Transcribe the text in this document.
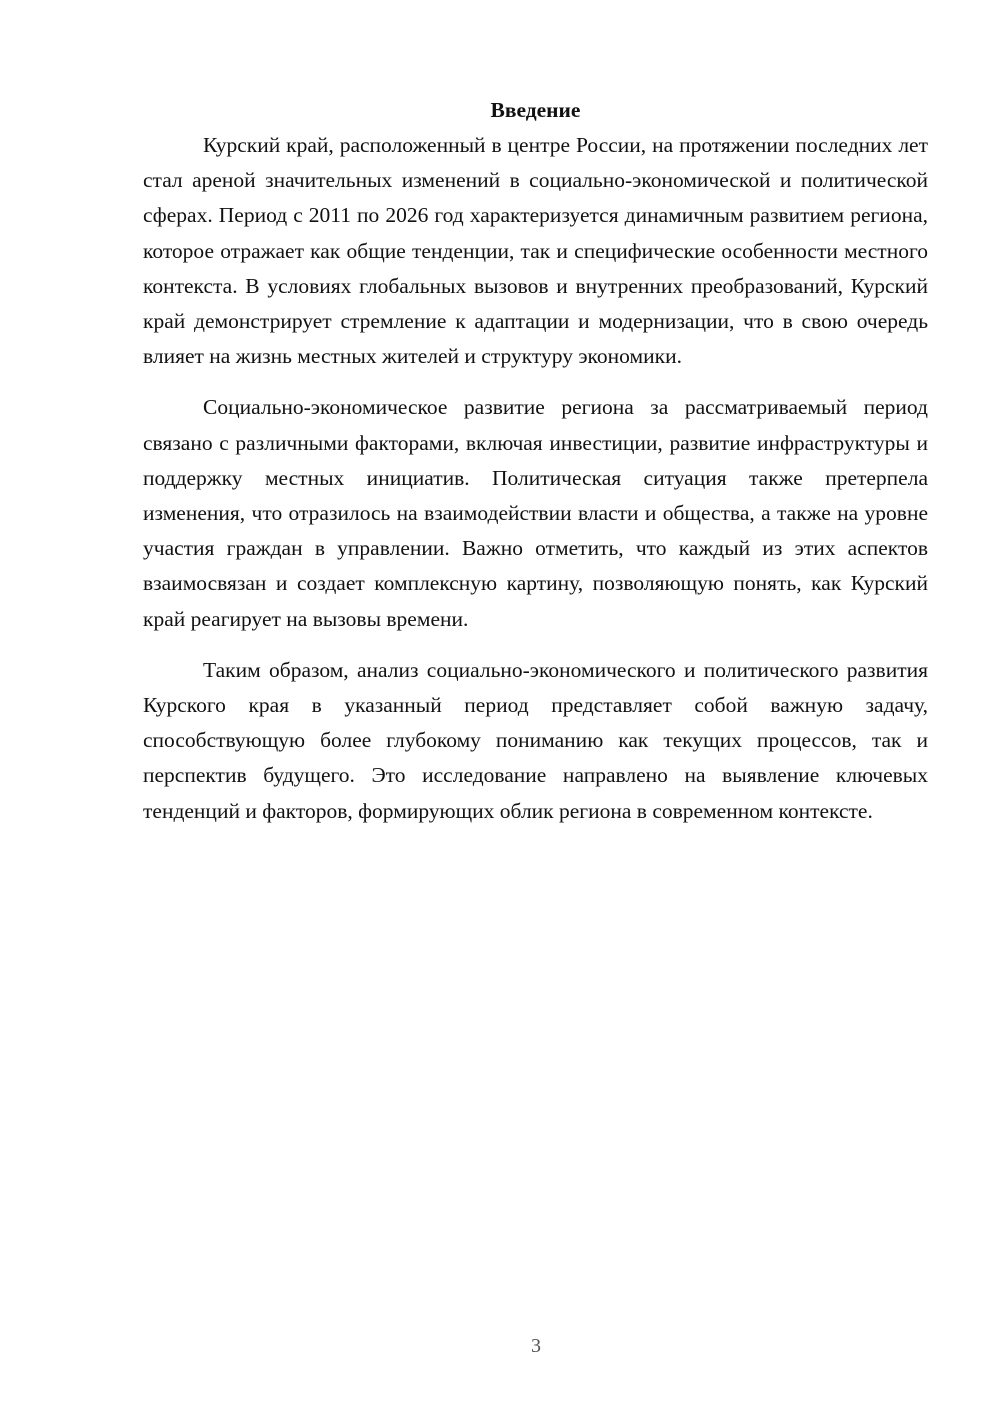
Введение

Курский край, расположенный в центре России, на протяжении последних лет стал ареной значительных изменений в социально-экономической и политической сферах. Период с 2011 по 2026 год характеризуется динамичным развитием региона, которое отражает как общие тенденции, так и специфические особенности местного контекста. В условиях глобальных вызовов и внутренних преобразований, Курский край демонстрирует стремление к адаптации и модернизации, что в свою очередь влияет на жизнь местных жителей и структуру экономики.

Социально-экономическое развитие региона за рассматриваемый период связано с различными факторами, включая инвестиции, развитие инфраструктуры и поддержку местных инициатив. Политическая ситуация также претерпела изменения, что отразилось на взаимодействии власти и общества, а также на уровне участия граждан в управлении. Важно отметить, что каждый из этих аспектов взаимосвязан и создает комплексную картину, позволяющую понять, как Курский край реагирует на вызовы времени.

Таким образом, анализ социально-экономического и политического развития Курского края в указанный период представляет собой важную задачу, способствующую более глубокому пониманию как текущих процессов, так и перспектив будущего. Это исследование направлено на выявление ключевых тенденций и факторов, формирующих облик региона в современном контексте.

3
